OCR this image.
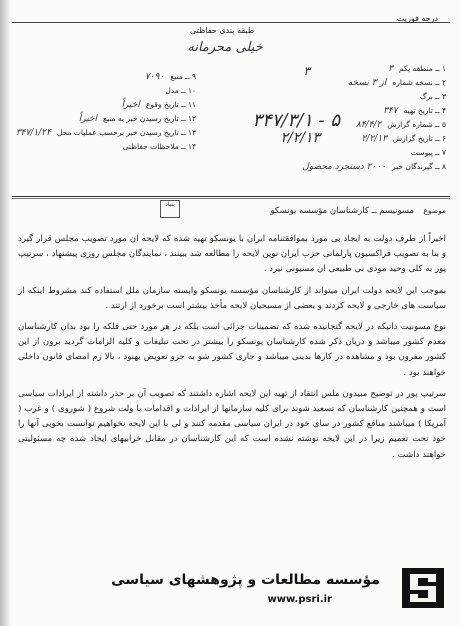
درجه فوریت
طبقه بندی حفاظتی
خیلی محرمانه
۳	۱ ــ منطقه یکم
۳
۲ ــ نسخه شماره
از ۳ نسخه
۳ ــ برگ
۴ ــ تاریخ تهیه
۳۴۷
۵ ــ شماره گزارش
۸۴/۴/۲
۶ ــ تاریخ گزارش
۲/۲/۱۳
۷ ــ پیوست
۸ ــ گیرندگان خبر
۲۰۰۰ دستجرد محصول
۹ ــ منبع
۷۰۹۰
۱۰ ــ مدل
۱۱ ــ تاریخ وقوع
اخیراً
۱۲ ــ تاریخ رسیدن خبر به منبع
اخیراً
۱۳ ــ تاریخ رسیدن خبر برحسب عملیات محل
۳۴۷/۱/۲۴
۱۴ ــ ملاحظات حفاظتی
۳۴۷/۳/۱ - ۵
۲/۲/۱۳
موضوع
مسونیسم ــ کارشناسان مؤسسه یونسکو
بنیاد

اخیراً از طرف دولت به ایجاد بی مورد بموافقتنامه ایران با یونسکو تهیه شده که لایحه ان مورد تصویب مجلس قرار گیرد و بنا به تصویب فراکسیون پارلمانی حزب ایران نوین لایحه را مطالعه شد ببینند ، نمایندگان مجلس روزی پیشنهاد ، سرتیپ پور به کلی وحید مودی بی طبیعی ان مسیونی نیرد .

بموجب این لایحه دولت ایران میتواند از کارشناسان مؤسسه یونسکو وابسته سازمان ملل استفاده کند مشروط اینکه از سیاست های خارجی و لایحه کردند و بعضی از مسیحیان لایحه مأخذ بیشتر است برخورد از ارتند .

نوع مسونیت ذاتیکه در لایحه گنجانیده شده که تضمینات جزائی است بلکه در هر مورد حتی فلکه را بود بدان کارشناسان معدم کشور میباشد و دریان ذکر شده کارشناسان یونسکو را بیشتر در تحت تبلیغات و کلیه الزامات گردید برون از این کشور مفرون بود و مشاهده در کارها بدینی میباشد و جاری کشور شو به جزو تعویض بهنود ، بالا زم امضای قانون داخلی خواهند بود .

سرتیپ پور در توضیح مبیدون ملس انتقاد از تهیه این لایحه اشاره داشتند که تصویب آن بر حذر داشته از ایرادات سیاسی است و همچنین کارشناسان که تسعید شوند برای کلیه سازمانها از ایرادات و اقدامات با ولت شروع ( شوروی ) و غرب ( آمریکا ) میباشند منافع کشور در سای خود در ایران سیاسی مقدمه کنند و لی با این لایحه نخواهیم توانست بخوبی آنها را خود تحت تعمیم زیرا در این لایحه نوشته نشده است که این کارشناسان در مقابل خرابیهای ایجاد شده چه مسئولیتی خواهند داشت .

مؤسسه مطالعات و پژوهشهای سیاسی
www.psri.ir
